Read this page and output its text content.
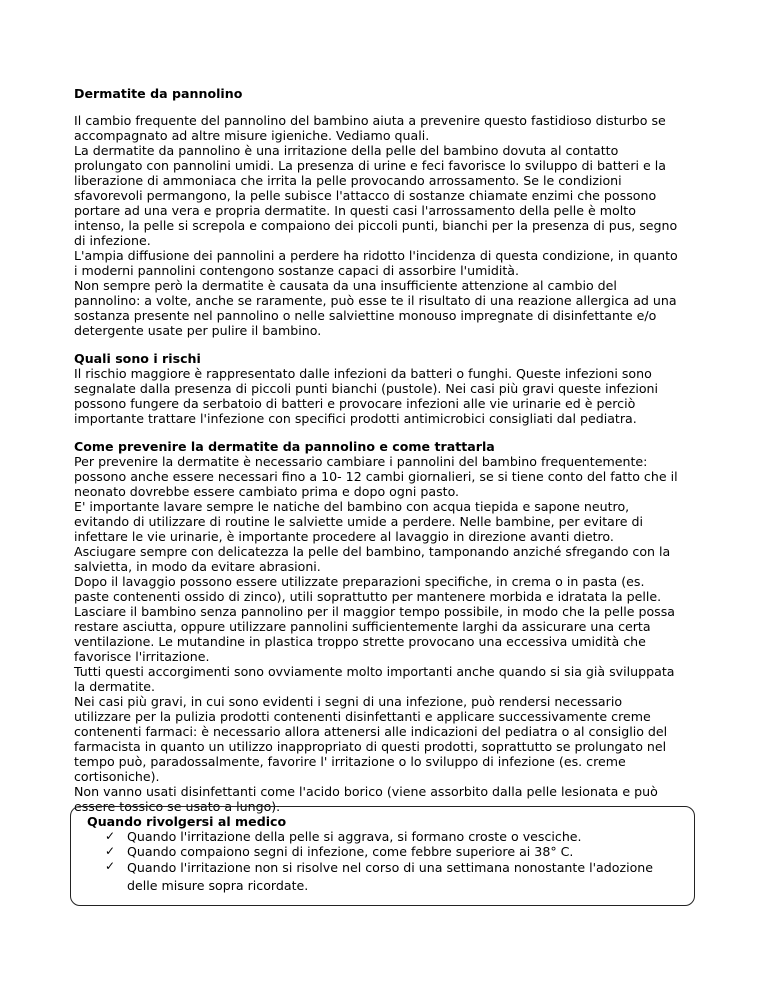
Dermatite da pannolino

Il cambio frequente del pannolino del bambino aiuta a prevenire questo fastidioso disturbo se

accompagnato ad altre misure igieniche. Vediamo quali.

La dermatite da pannolino è una irritazione della pelle del bambino dovuta al contatto

prolungato con pannolini umidi. La presenza di urine e feci favorisce lo sviluppo di batteri e la

liberazione di ammoniaca che irrita la pelle provocando arrossamento. Se le condizioni

sfavorevoli permangono, la pelle subisce l'attacco di sostanze chiamate enzimi che possono

portare ad una vera e propria dermatite. In questi casi l'arrossamento della pelle è molto

intenso, la pelle si screpola e compaiono dei piccoli punti, bianchi per la presenza di pus, segno

di infezione.

L'ampia diffusione dei pannolini a perdere ha ridotto l'incidenza di questa condizione, in quanto

i moderni pannolini contengono sostanze capaci di assorbire l'umidità.

Non sempre però la dermatite è causata da una insufficiente attenzione al cambio del

pannolino: a volte, anche se raramente, può esse te il risultato di una reazione allergica ad una

sostanza presente nel pannolino o nelle salviettine monouso impregnate di disinfettante e/o

detergente usate per pulire il bambino.

Quali sono i rischi

Il rischio maggiore è rappresentato dalle infezioni da batteri o funghi. Queste infezioni sono

segnalate dalla presenza di piccoli punti bianchi (pustole). Nei casi più gravi queste infezioni

possono fungere da serbatoio di batteri e provocare infezioni alle vie urinarie ed è perciò

importante trattare l'infezione con specifici prodotti antimicrobici consigliati dal pediatra.

Come prevenire la dermatite da pannolino e come trattarla

Per prevenire la dermatite è necessario cambiare i pannolini del bambino frequentemente:

possono anche essere necessari fino a 10- 12 cambi giornalieri, se si tiene conto del fatto che il

neonato dovrebbe essere cambiato prima e dopo ogni pasto.

E' importante lavare sempre le natiche del bambino con acqua tiepida e sapone neutro,

evitando di utilizzare di routine le salviette umide a perdere. Nelle bambine, per evitare di

infettare le vie urinarie, è importante procedere al lavaggio in direzione avanti dietro.

Asciugare sempre con delicatezza la pelle del bambino, tamponando anziché sfregando con la

salvietta, in modo da evitare abrasioni.

Dopo il lavaggio possono essere utilizzate preparazioni specifiche, in crema o in pasta (es.

paste contenenti ossido di zinco), utili soprattutto per mantenere morbida e idratata la pelle.

Lasciare il bambino senza pannolino per il maggior tempo possibile, in modo che la pelle possa

restare asciutta, oppure utilizzare pannolini sufficientemente larghi da assicurare una certa

ventilazione. Le mutandine in plastica troppo strette provocano una eccessiva umidità che

favorisce l'irritazione.

Tutti questi accorgimenti sono ovviamente molto importanti anche quando si sia già sviluppata

la dermatite.

Nei casi più gravi, in cui sono evidenti i segni di una infezione, può rendersi necessario

utilizzare per la pulizia prodotti contenenti disinfettanti e applicare successivamente creme

contenenti farmaci: è necessario allora attenersi alle indicazioni del pediatra o al consiglio del

farmacista in quanto un utilizzo inappropriato di questi prodotti, soprattutto se prolungato nel

tempo può, paradossalmente, favorire l' irritazione o lo sviluppo di infezione (es. creme

cortisoniche).

Non vanno usati disinfettanti come l'acido borico (viene assorbito dalla pelle lesionata e può

essere tossico se usato a lungo).

Quando rivolgersi al medico
✓ Quando l'irritazione della pelle si aggrava, si formano croste o vesciche.
✓ Quando compaiono segni di infezione, come febbre superiore ai 38° C.
✓ Quando l'irritazione non si risolve nel corso di una settimana nonostante l'adozione
delle misure sopra ricordate.
